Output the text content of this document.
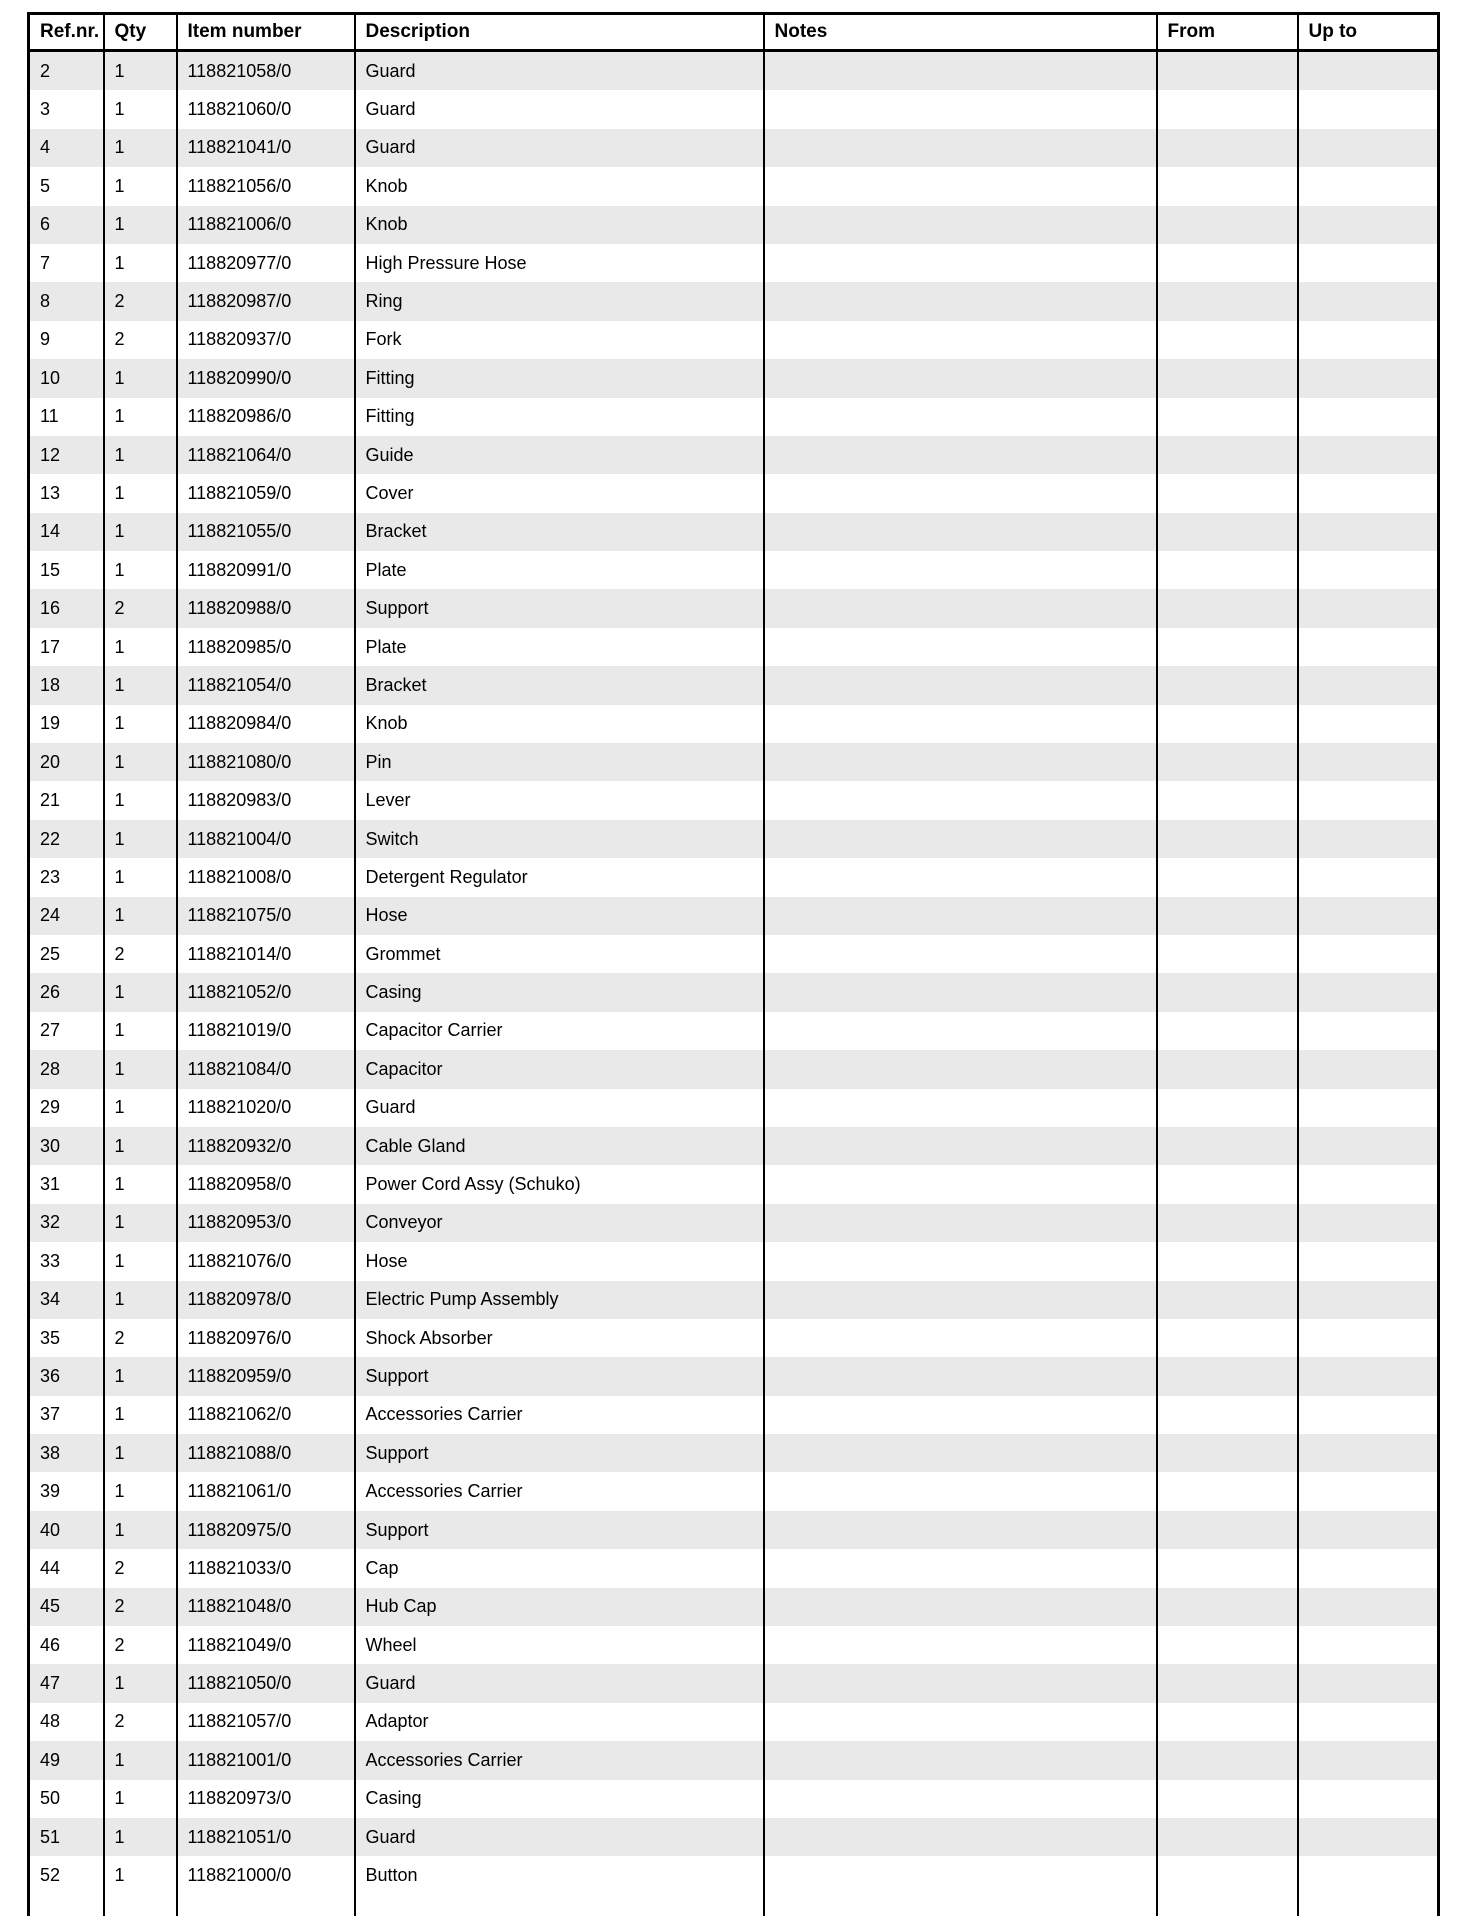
Ref.nr.	Qty	Item number	Description	Notes	From	Up to
2	1	118821058/0	Guard			
3	1	118821060/0	Guard			
4	1	118821041/0	Guard			
5	1	118821056/0	Knob			
6	1	118821006/0	Knob			
7	1	118820977/0	High Pressure Hose			
8	2	118820987/0	Ring			
9	2	118820937/0	Fork			
10	1	118820990/0	Fitting			
11	1	118820986/0	Fitting			
12	1	118821064/0	Guide			
13	1	118821059/0	Cover			
14	1	118821055/0	Bracket			
15	1	118820991/0	Plate			
16	2	118820988/0	Support			
17	1	118820985/0	Plate			
18	1	118821054/0	Bracket			
19	1	118820984/0	Knob			
20	1	118821080/0	Pin			
21	1	118820983/0	Lever			
22	1	118821004/0	Switch			
23	1	118821008/0	Detergent Regulator			
24	1	118821075/0	Hose			
25	2	118821014/0	Grommet			
26	1	118821052/0	Casing			
27	1	118821019/0	Capacitor Carrier			
28	1	118821084/0	Capacitor			
29	1	118821020/0	Guard			
30	1	118820932/0	Cable Gland			
31	1	118820958/0	Power Cord Assy (Schuko)			
32	1	118820953/0	Conveyor			
33	1	118821076/0	Hose			
34	1	118820978/0	Electric Pump Assembly			
35	2	118820976/0	Shock Absorber			
36	1	118820959/0	Support			
37	1	118821062/0	Accessories Carrier			
38	1	118821088/0	Support			
39	1	118821061/0	Accessories Carrier			
40	1	118820975/0	Support			
44	2	118821033/0	Cap			
45	2	118821048/0	Hub Cap			
46	2	118821049/0	Wheel			
47	1	118821050/0	Guard			
48	2	118821057/0	Adaptor			
49	1	118821001/0	Accessories Carrier			
50	1	118820973/0	Casing			
51	1	118821051/0	Guard			
52	1	118821000/0	Button			
